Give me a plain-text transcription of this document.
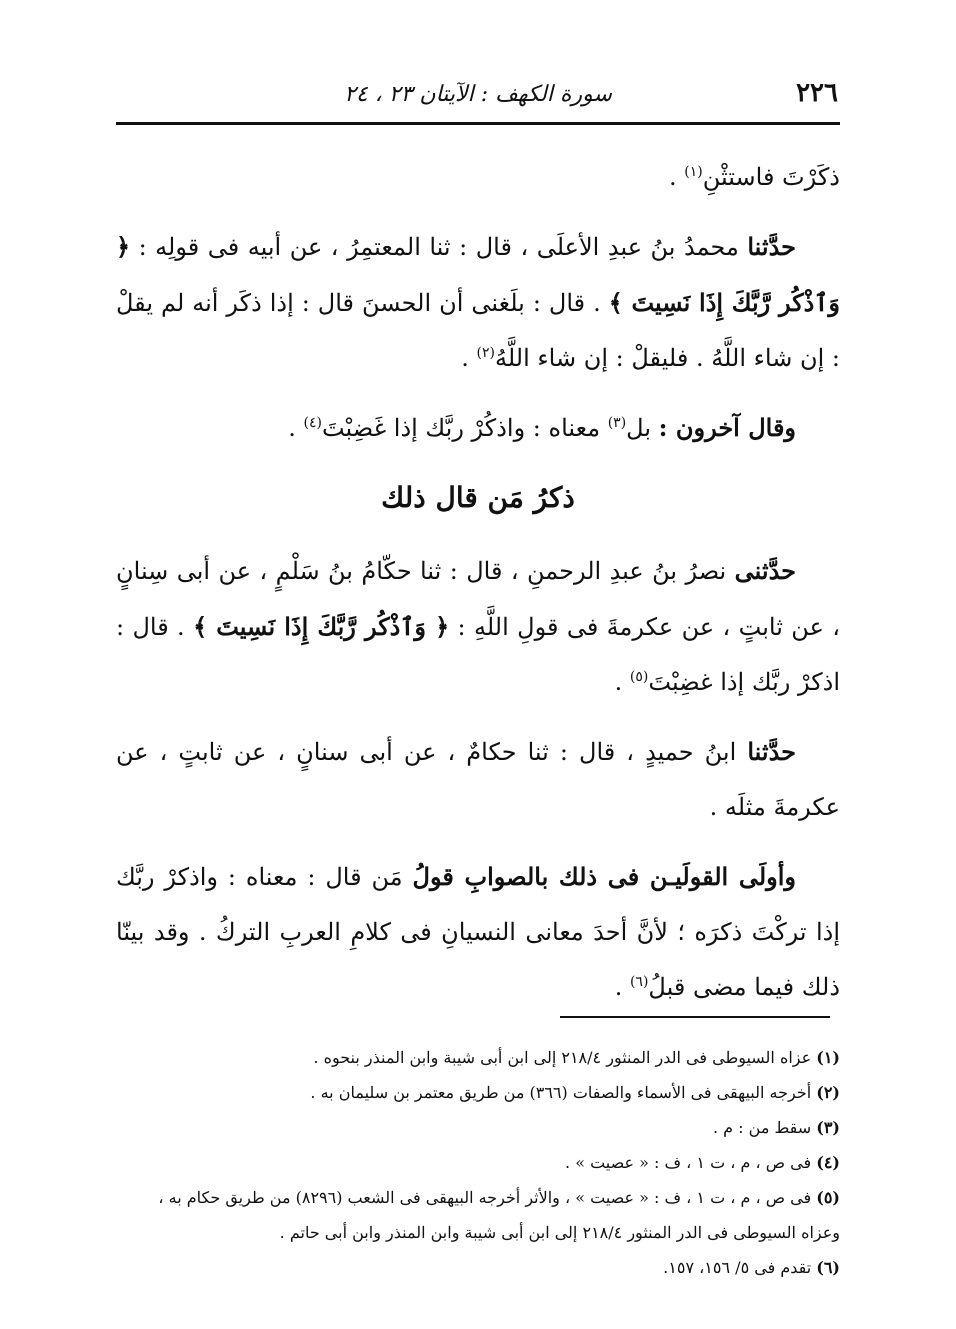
٢٢٦
سورة الكهف : الآيتان ٢٣ ، ٢٤

ذكَرْتَ فاستثْنِ$^{(١)}$ .

حدَّثنا محمدُ بنُ عبدِ الأعلَى ، قال : ثنا المعتمِرُ ، عن أبيه فى قولِه : ﴿ وَٱذْكُر رَّبَّكَ إِذَا نَسِيتَ ﴾ . قال : بلَغنى أن الحسنَ قال : إذا ذكَر أنه لم يقلْ : إن شاء اللَّهُ . فليقلْ : إن شاء اللَّهُ$^{(٢)}$ .

وقال آخرون : بل$^{(٣)}$ معناه : واذكُرْ ربَّك إذا غَضِبْتَ$^{(٤)}$ .

ذكرُ مَن قال ذلك

حدَّثنى نصرُ بنُ عبدِ الرحمنِ ، قال : ثنا حكّامُ بنُ سَلْمٍ ، عن أبى سِنانٍ ، عن ثابتٍ ، عن عكرمةَ فى قولِ اللَّهِ : ﴿ وَٱذْكُر رَّبَّكَ إِذَا نَسِيتَ ﴾ . قال : اذكرْ ربَّك إذا غضِبْتَ$^{(٥)}$ .

حدَّثنا ابنُ حميدٍ ، قال : ثنا حكامٌ ، عن أبى سنانٍ ، عن ثابتٍ ، عن عكرمةَ مثلَه .

وأولَى القولَيـن فى ذلك بالصوابِ قولُ مَن قال : معناه : واذكرْ ربَّك إذا تركْتَ ذكرَه ؛ لأنَّ أحدَ معانى النسيانِ فى كلامِ العربِ التركُ . وقد بينّا ذلك فيما مضى قبلُ$^{(٦)}$ .

(١) عزاه السيوطى فى الدر المنثور ٢١٨/٤ إلى ابن أبى شيبة وابن المنذر بنحوه .

(٢) أخرجه البيهقى فى الأسماء والصفات (٣٦٦) من طريق معتمر بن سليمان به .

(٣) سقط من : م .

(٤) فى ص ، م ، ت ١ ، ف : « عصيت » .

(٥) فى ص ، م ، ت ١ ، ف : « عصيت » ، والأثر أخرجه البيهقى فى الشعب (٨٢٩٦) من طريق حكام به ، وعزاه السيوطى فى الدر المنثور ٢١٨/٤ إلى ابن أبى شيبة وابن المنذر وابن أبى حاتم .

(٦) تقدم فى ٥/ ١٥٦، ١٥٧.
